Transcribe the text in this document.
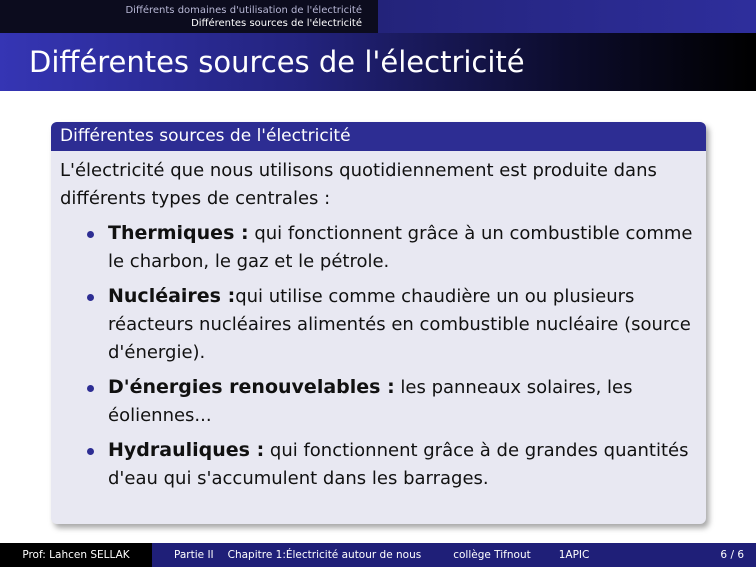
Différents domaines d'utilisation de l'électricité
Différentes sources de l'électricité
Différentes sources de l'électricité
Différentes sources de l'électricité

L'électricité que nous utilisons quotidiennement est produite dans différents types de centrales :

Thermiques : qui fonctionnent grâce à un combustible comme le charbon, le gaz et le pétrole.
Nucléaires :qui utilise comme chaudière un ou plusieurs réacteurs nucléaires alimentés en combustible nucléaire (source d'énergie).
D'énergies renouvelables : les panneaux solaires, les éoliennes...
Hydrauliques : qui fonctionnent grâce à de grandes quantités d'eau qui s'accumulent dans les barrages.
Prof: Lahcen SELLAK	Partie II Chapitre 1:Électricité autour de nous	collège Tifnout	1APIC	6 / 6
